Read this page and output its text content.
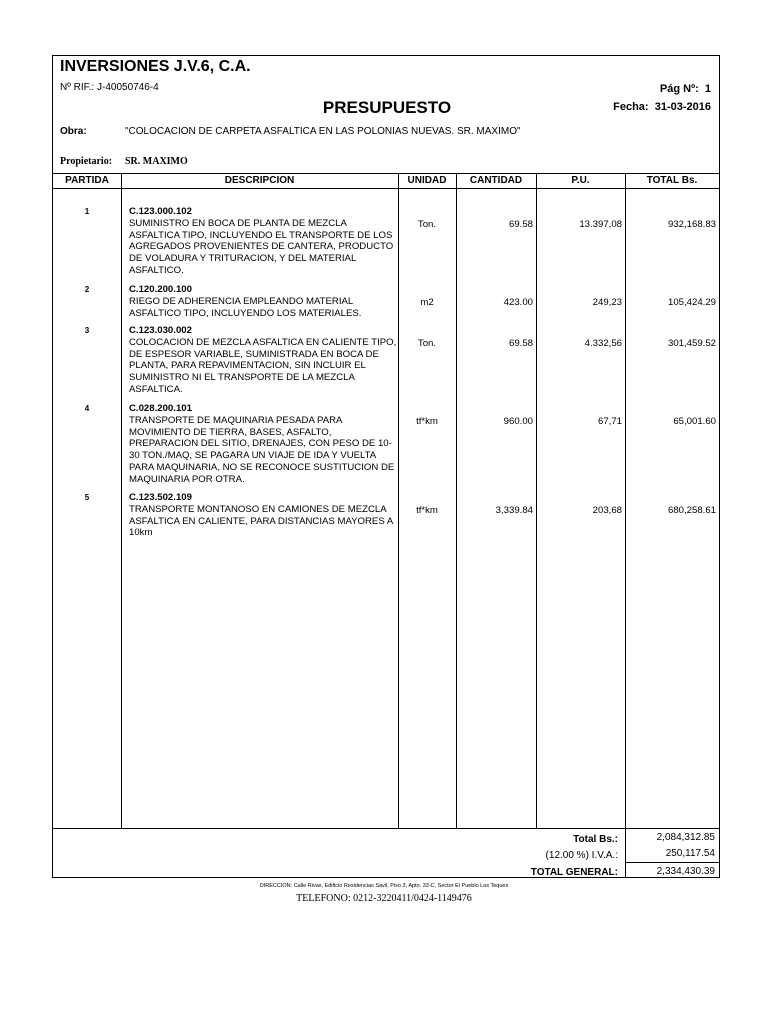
INVERSIONES J.V.6, C.A.
Nº RIF.: J-40050746-4
PRESUPUESTO
Pág Nº: 1
Fecha: 31-03-2016
Obra:	"COLOCACION DE CARPETA ASFALTICA EN LAS POLONIAS NUEVAS. SR. MAXIMO"
Propietario: SR. MAXIMO
PARTIDA	DESCRIPCION	UNIDAD	CANTIDAD	P.U.	TOTAL Bs.
1	C.123.000.102
SUMINISTRO EN BOCA DE PLANTA DE MEZCLA ASFALTICA TIPO, INCLUYENDO EL TRANSPORTE DE LOS AGREGADOS PROVENIENTES DE CANTERA, PRODUCTO DE VOLADURA Y TRITURACION, Y DEL MATERIAL ASFALTICO.
Ton.	69.58	13.397,08	932,168.83
2	C.120.200.100
RIEGO DE ADHERENCIA EMPLEANDO MATERIAL ASFALTICO TIPO, INCLUYENDO LOS MATERIALES.
m2	423.00	249,23	105,424.29
3	C.123.030.002
COLOCACION DE MEZCLA ASFALTICA EN CALIENTE TIPO, DE ESPESOR VARIABLE, SUMINISTRADA EN BOCA DE PLANTA, PARA REPAVIMENTACION, SIN INCLUIR EL SUMINISTRO NI EL TRANSPORTE DE LA MEZCLA ASFALTICA.
Ton.	69.58	4.332,56	301,459.52
4	C.028.200.101
TRANSPORTE DE MAQUINARIA PESADA PARA MOVIMIENTO DE TIERRA, BASES, ASFALTO, PREPARACION DEL SITIO, DRENAJES, CON PESO DE 10-30 TON./MAQ, SE PAGARA UN VIAJE DE IDA Y VUELTA PARA MAQUINARIA, NO SE RECONOCE SUSTITUCION DE MAQUINARIA POR OTRA.
tf*km	960.00	67,71	65,001.60
5	C.123.502.109
TRANSPORTE MONTANOSO EN CAMIONES DE MEZCLA ASFALTICA EN CALIENTE, PARA DISTANCIAS MAYORES A 10km
tf*km	3,339.84	203,68	680,258.61
Total Bs.:	2,084,312.85
(12.00 %) I.V.A.:	250,117.54
TOTAL GENERAL:	2,334,430.39
DIRECCION: Calle Rivas, Edificio Residencias Savil, Piso 3, Apto. 33-C, Sector El Pueblo Los Teques
TELEFONO: 0212-3220411/0424-1149476
